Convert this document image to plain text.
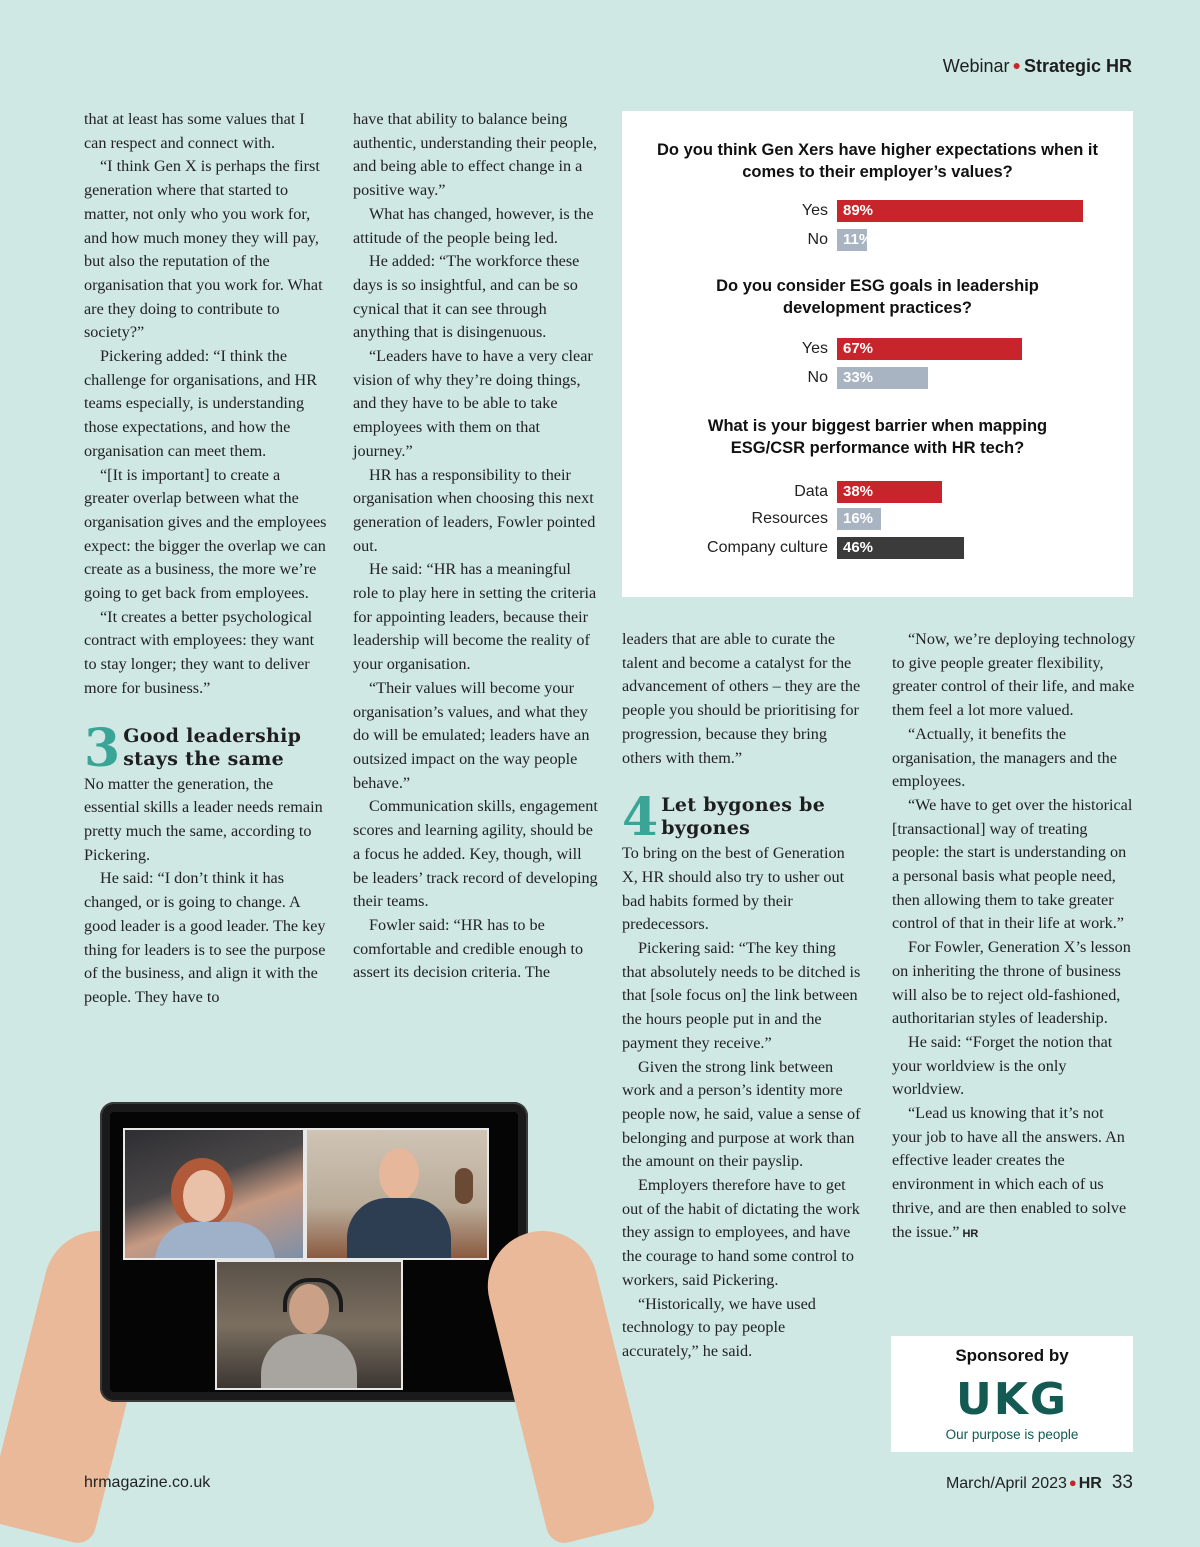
Webinar ● Strategic HR

that at least has some values that I can respect and connect with.

“I think Gen X is perhaps the first generation where that started to matter, not only who you work for, and how much money they will pay, but also the reputation of the organisation that you work for. What are they doing to contribute to society?”

Pickering added: “I think the challenge for organisations, and HR teams especially, is understanding those expectations, and how the organisation can meet them.

“[It is important] to create a greater overlap between what the organisation gives and the employees expect: the bigger the overlap we can create as a business, the more we’re going to get back from employees.

“It creates a better psychological contract with employees: they want to stay longer; they want to deliver more for business.”

3 Good leadership stays the same

No matter the generation, the essential skills a leader needs remain pretty much the same, according to Pickering.

He said: “I don’t think it has changed, or is going to change. A good leader is a good leader. The key thing for leaders is to see the purpose of the business, and align it with the people. They have to

have that ability to balance being authentic, understanding their people, and being able to effect change in a positive way.”

What has changed, however, is the attitude of the people being led.

He added: “The workforce these days is so insightful, and can be so cynical that it can see through anything that is disingenuous.

“Leaders have to have a very clear vision of why they’re doing things, and they have to be able to take employees with them on that journey.”

HR has a responsibility to their organisation when choosing this next generation of leaders, Fowler pointed out.

He said: “HR has a meaningful role to play here in setting the criteria for appointing leaders, because their leadership will become the reality of your organisation.

“Their values will become your organisation’s values, and what they do will be emulated; leaders have an outsized impact on the way people behave.”

Communication skills, engagement scores and learning agility, should be a focus he added. Key, though, will be leaders’ track record of developing their teams.

Fowler said: “HR has to be comfortable and credible enough to assert its decision criteria. The

Do you think Gen Xers have higher expectations when it comes to their employer’s values?
Yes 89%
No 11%
Do you consider ESG goals in leadership development practices?
Yes 67%
No 33%
What is your biggest barrier when mapping ESG/CSR performance with HR tech?
Data 38%
Resources 16%
Company culture 46%

leaders that are able to curate the talent and become a catalyst for the advancement of others – they are the people you should be prioritising for progression, because they bring others with them.”

4 Let bygones be bygones

To bring on the best of Generation X, HR should also try to usher out bad habits formed by their predecessors.

Pickering said: “The key thing that absolutely needs to be ditched is that [sole focus on] the link between the hours people put in and the payment they receive.”

Given the strong link between work and a person’s identity more people now, he said, value a sense of belonging and purpose at work than the amount on their payslip.

Employers therefore have to get out of the habit of dictating the work they assign to employees, and have the courage to hand some control to workers, said Pickering.

“Historically, we have used technology to pay people accurately,” he said.

“Now, we’re deploying technology to give people greater flexibility, greater control of their life, and make them feel a lot more valued.

“Actually, it benefits the organisation, the managers and the employees.

“We have to get over the historical [transactional] way of treating people: the start is understanding on a personal basis what people need, then allowing them to take greater control of that in their life at work.”

For Fowler, Generation X’s lesson on inheriting the throne of business will also be to reject old-fashioned, authoritarian styles of leadership.

He said: “Forget the notion that your worldview is the only worldview.

“Lead us knowing that it’s not your job to have all the answers. An effective leader creates the environment in which each of us thrive, and are then enabled to solve the issue.” HR

Sponsored by
UKG
Our purpose is people
hrmagazine.co.uk	March/April 2023 ● HR 33
